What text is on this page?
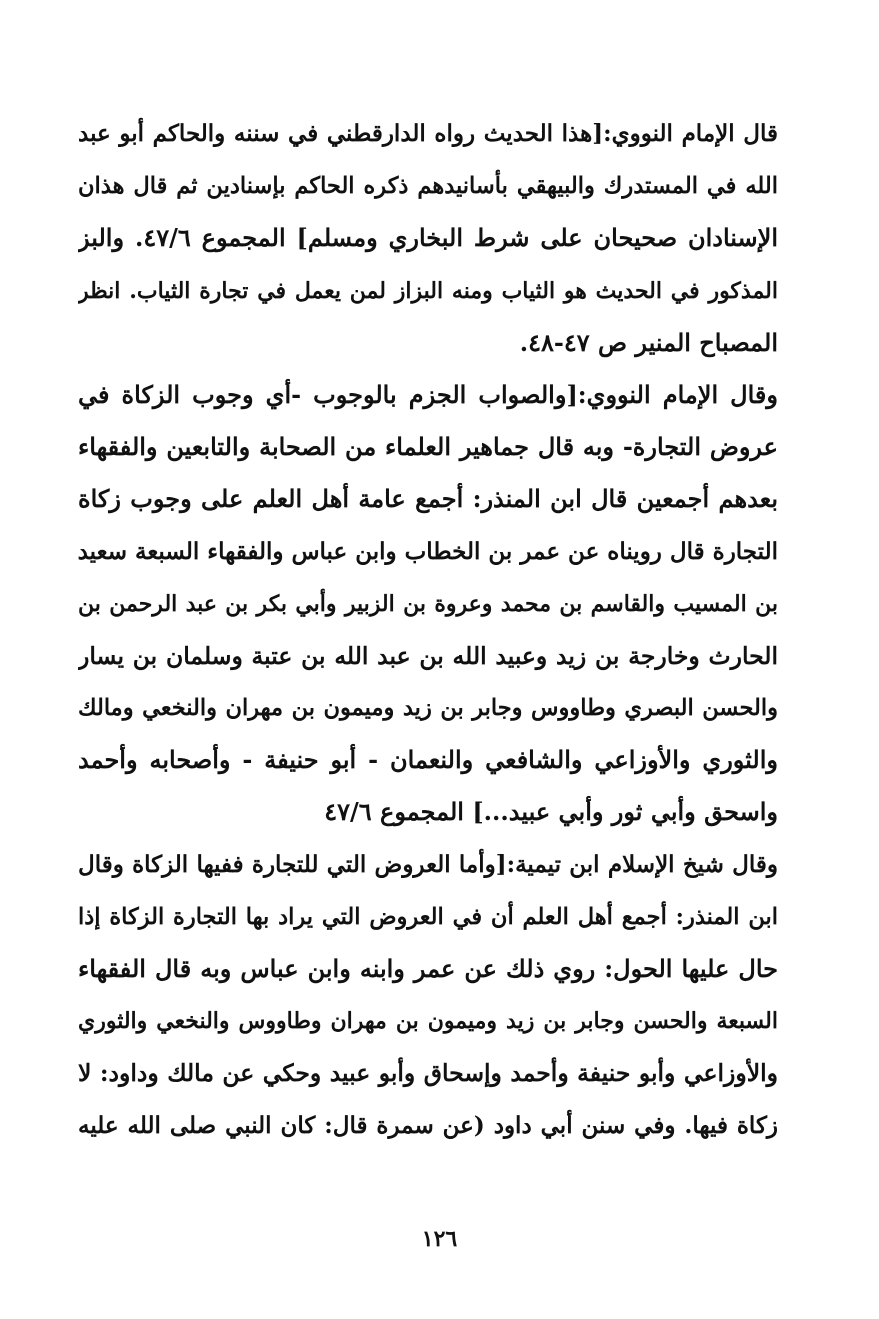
قال الإمام النووي:[هذا الحديث رواه الدارقطني في سننه والحاكم أبو عبد
الله في المستدرك والبيهقي بأسانيدهم ذكره الحاكم بإسنادين ثم قال هذان
الإسنادان صحيحان على شرط البخاري ومسلم] المجموع ٤٧/٦. والبز
المذكور في الحديث هو الثياب ومنه البزاز لمن يعمل في تجارة الثياب. انظر
المصباح المنير ص ٤٧-٤٨.
وقال الإمام النووي:[والصواب الجزم بالوجوب -أي وجوب الزكاة في
عروض التجارة- وبه قال جماهير العلماء من الصحابة والتابعين والفقهاء
بعدهم أجمعين قال ابن المنذر: أجمع عامة أهل العلم على وجوب زكاة
التجارة قال رويناه عن عمر بن الخطاب وابن عباس والفقهاء السبعة سعيد
بن المسيب والقاسم بن محمد وعروة بن الزبير وأبي بكر بن عبد الرحمن بن
الحارث وخارجة بن زيد وعبيد الله بن عبد الله بن عتبة وسلمان بن يسار
والحسن البصري وطاووس وجابر بن زيد وميمون بن مهران والنخعي ومالك
والثوري والأوزاعي والشافعي والنعمان - أبو حنيفة - وأصحابه وأحمد
واسحق وأبي ثور وأبي عبيد...] المجموع ٤٧/٦
وقال شيخ الإسلام ابن تيمية:[وأما العروض التي للتجارة ففيها الزكاة وقال
ابن المنذر: أجمع أهل العلم أن في العروض التي يراد بها التجارة الزكاة إذا
حال عليها الحول: روي ذلك عن عمر وابنه وابن عباس وبه قال الفقهاء
السبعة والحسن وجابر بن زيد وميمون بن مهران وطاووس والنخعي والثوري
والأوزاعي وأبو حنيفة وأحمد وإسحاق وأبو عبيد وحكي عن مالك وداود: لا
زكاة فيها. وفي سنن أبي داود (عن سمرة قال: كان النبي صلى الله عليه
١٢٦
